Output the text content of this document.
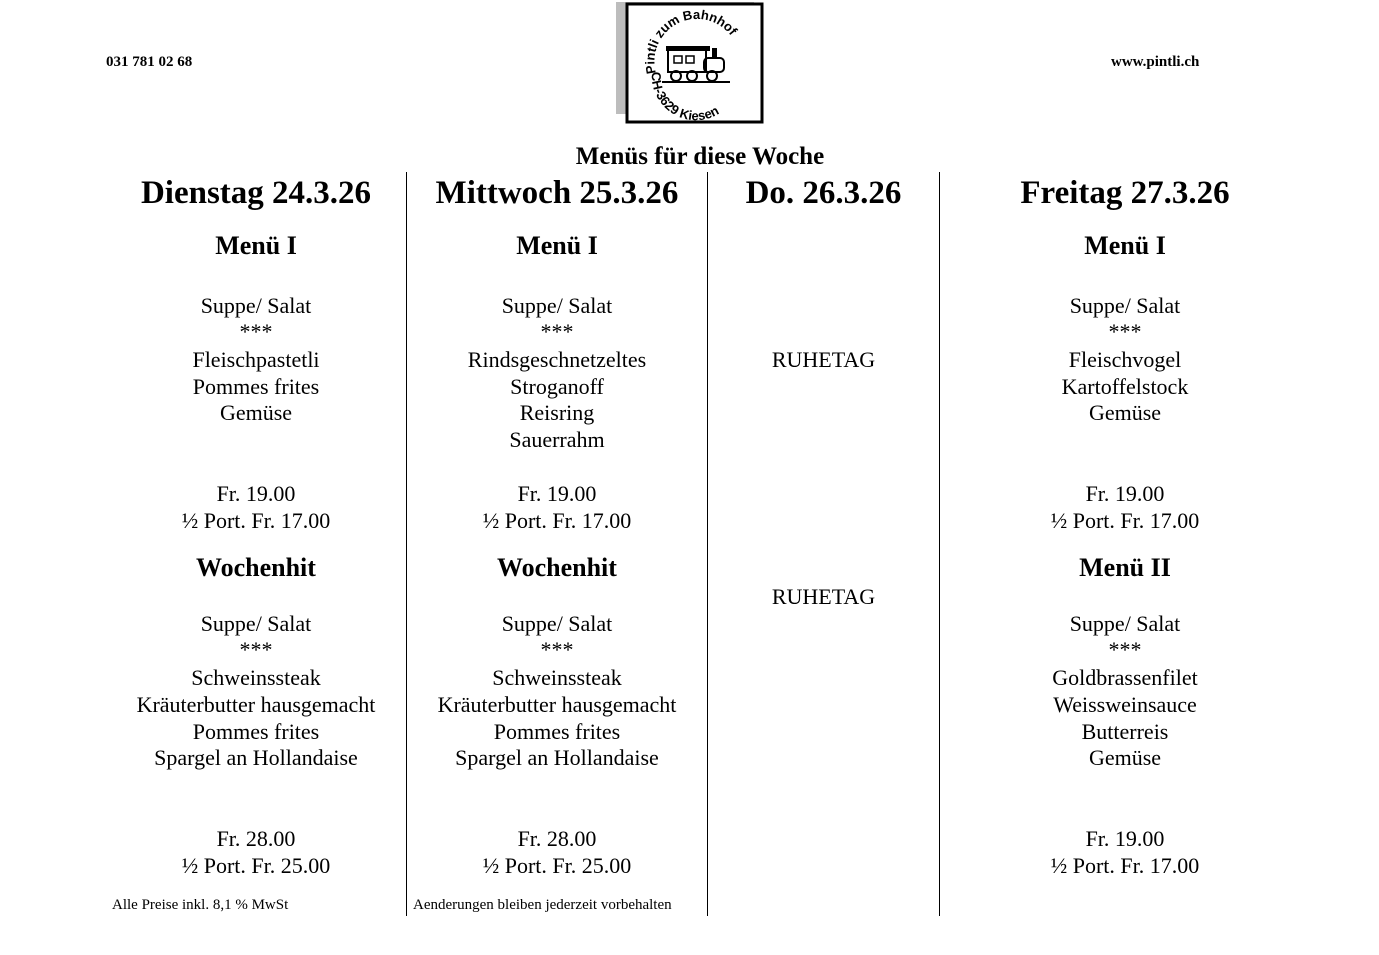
031 781 02 68	www.pintli.ch
Pintli zum Bahnhof
CH-3629 Kiesen
Menüs für diese Woche
Dienstag 24.3.26
Menü I
Suppe/ Salat
***
Fleischpastetli
Pommes frites
Gemüse
Fr. 19.00
½ Port. Fr. 17.00
Wochenhit
Suppe/ Salat
***
Schweinssteak
Kräuterbutter hausgemacht
Pommes frites
Spargel an Hollandaise
Fr. 28.00
½ Port. Fr. 25.00
Mittwoch 25.3.26
Menü I
Suppe/ Salat
***
Rindsgeschnetzeltes
Stroganoff
Reisring
Sauerrahm
Fr. 19.00
½ Port. Fr. 17.00
Wochenhit
Suppe/ Salat
***
Schweinssteak
Kräuterbutter hausgemacht
Pommes frites
Spargel an Hollandaise
Fr. 28.00
½ Port. Fr. 25.00
Do. 26.3.26
RUHETAG
RUHETAG
Freitag 27.3.26
Menü I
Suppe/ Salat
***
Fleischvogel
Kartoffelstock
Gemüse
Fr. 19.00
½ Port. Fr. 17.00
Menü II
Suppe/ Salat
***
Goldbrassenfilet
Weissweinsauce
Butterreis
Gemüse
Fr. 19.00
½ Port. Fr. 17.00
Alle Preise inkl. 8,1 % MwSt	Aenderungen bleiben jederzeit vorbehalten
